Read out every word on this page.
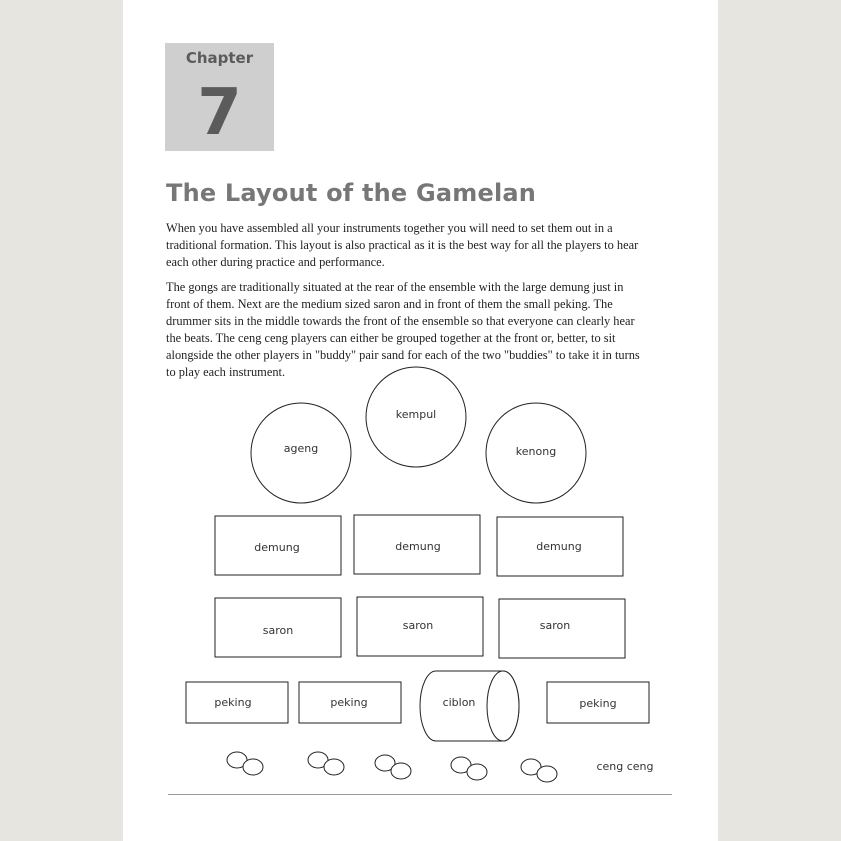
Chapter
7
The Layout of the Gamelan

When you have assembled all your instruments together you will need to set them out in a
traditional formation. This layout is also practical as it is the best way for all the players to hear
each other during practice and performance.

The gongs are traditionally situated at the rear of the ensemble with the large demung just in
front of them. Next are the medium sized saron and in front of them the small peking. The
drummer sits in the middle towards the front of the ensemble so that everyone can clearly hear
the beats. The ceng ceng players can either be grouped together at the front or, better, to sit
alongside the other players in "buddy" pair sand for each of the two "buddies" to take it in turns
to play each instrument.

ageng
kempul
kenong
demung	demung	demung
saron	saron	saron
peking	peking	ciblon	peking
ceng ceng
